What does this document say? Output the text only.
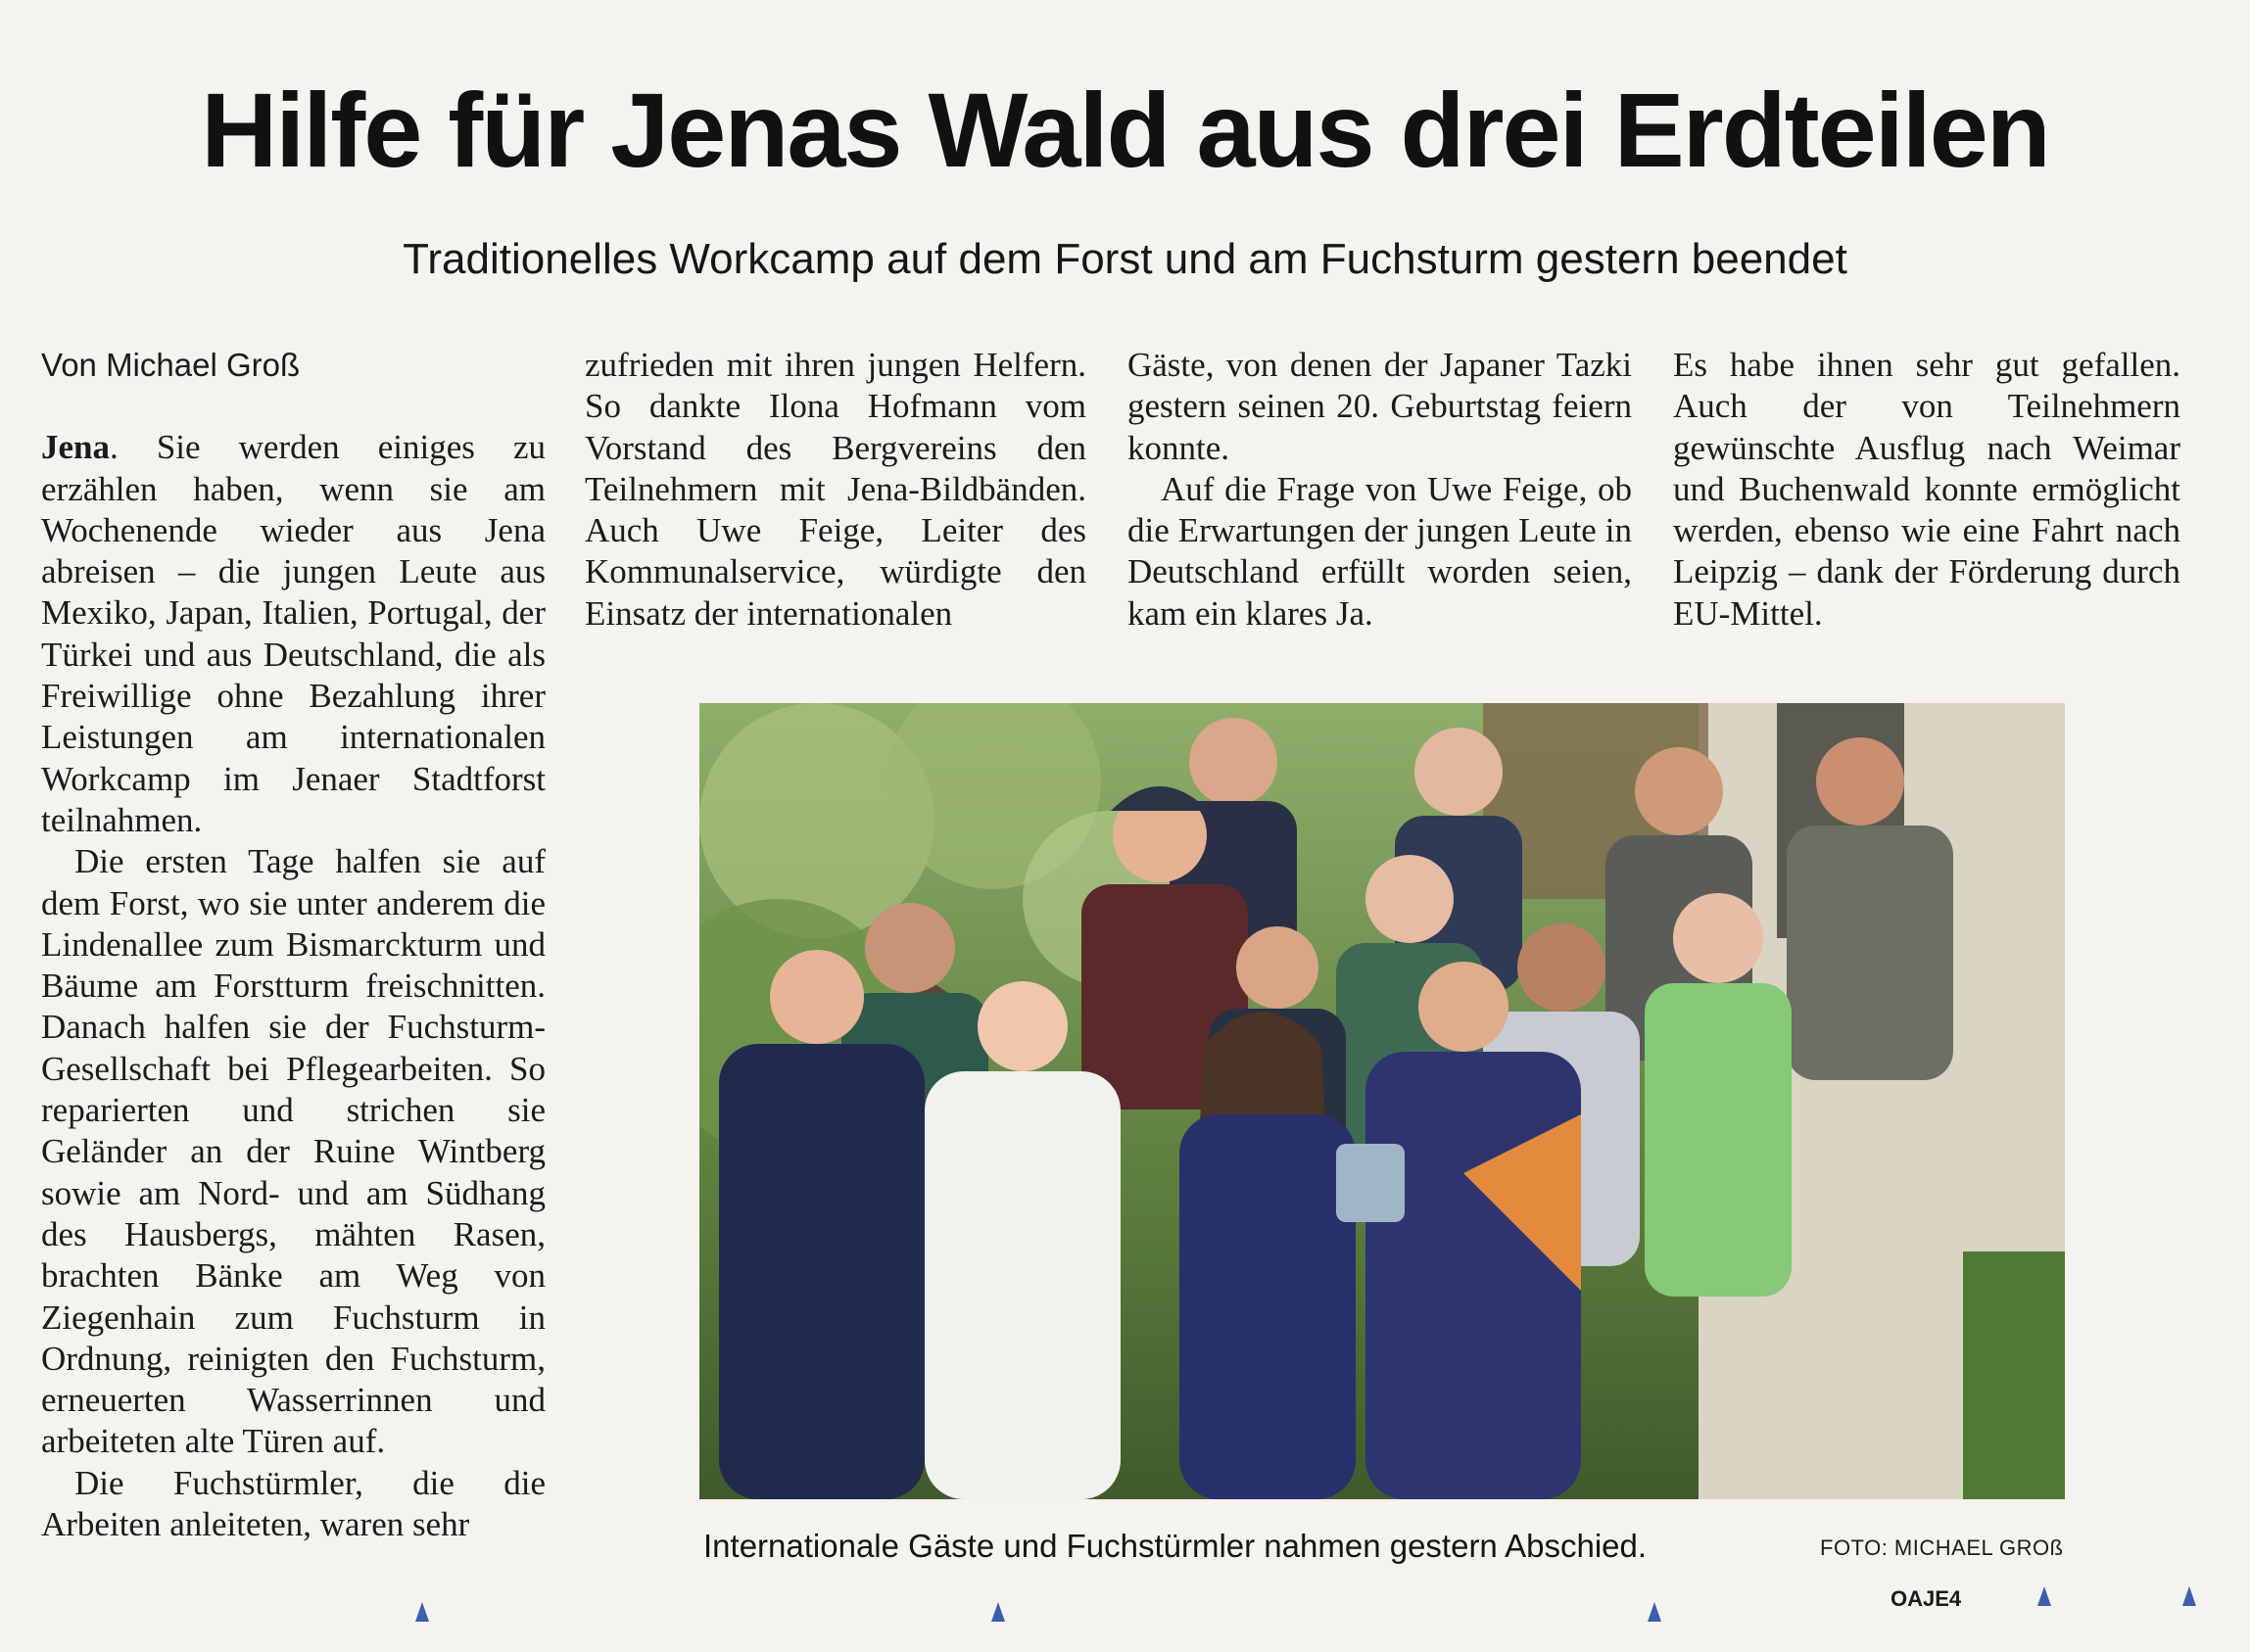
Hilfe für Jenas Wald aus drei Erdteilen
Traditionelles Workcamp auf dem Forst und am Fuchsturm gestern beendet

Von Michael Groß

Jena. Sie werden einiges zu erzählen haben, wenn sie am Wochenende wieder aus Jena abreisen – die jungen Leute aus Mexiko, Japan, Italien, Portugal, der Türkei und aus Deutschland, die als Freiwillige ohne Bezahlung ihrer Leistungen am internationalen Workcamp im Jenaer Stadtforst teilnahmen.

Die ersten Tage halfen sie auf dem Forst, wo sie unter anderem die Lindenallee zum Bismarckturm und Bäume am Forstturm freischnitten. Danach halfen sie der Fuchsturm-Gesellschaft bei Pflegearbeiten. So reparierten und strichen sie Geländer an der Ruine Wintberg sowie am Nord- und am Südhang des Hausbergs, mähten Rasen, brachten Bänke am Weg von Ziegenhain zum Fuchsturm in Ordnung, reinigten den Fuchsturm, erneuerten Wasserrinnen und arbeiteten alte Türen auf.

Die Fuchstürmler, die die Arbeiten anleiteten, waren sehr

zufrieden mit ihren jungen Helfern. So dankte Ilona Hofmann vom Vorstand des Bergvereins den Teilnehmern mit Jena-Bildbänden. Auch Uwe Feige, Leiter des Kommunalservice, würdigte den Einsatz der internationalen

Gäste, von denen der Japaner Tazki gestern seinen 20. Geburtstag feiern konnte.

Auf die Frage von Uwe Feige, ob die Erwartungen der jungen Leute in Deutschland erfüllt worden seien, kam ein klares Ja.

Es habe ihnen sehr gut gefallen. Auch der von Teilnehmern gewünschte Ausflug nach Weimar und Buchenwald konnte ermöglicht werden, ebenso wie eine Fahrt nach Leipzig – dank der Förderung durch EU-Mittel.

Internationale Gäste und Fuchstürmler nahmen gestern Abschied.	FOTO: MICHAEL GROß
OAJE4
